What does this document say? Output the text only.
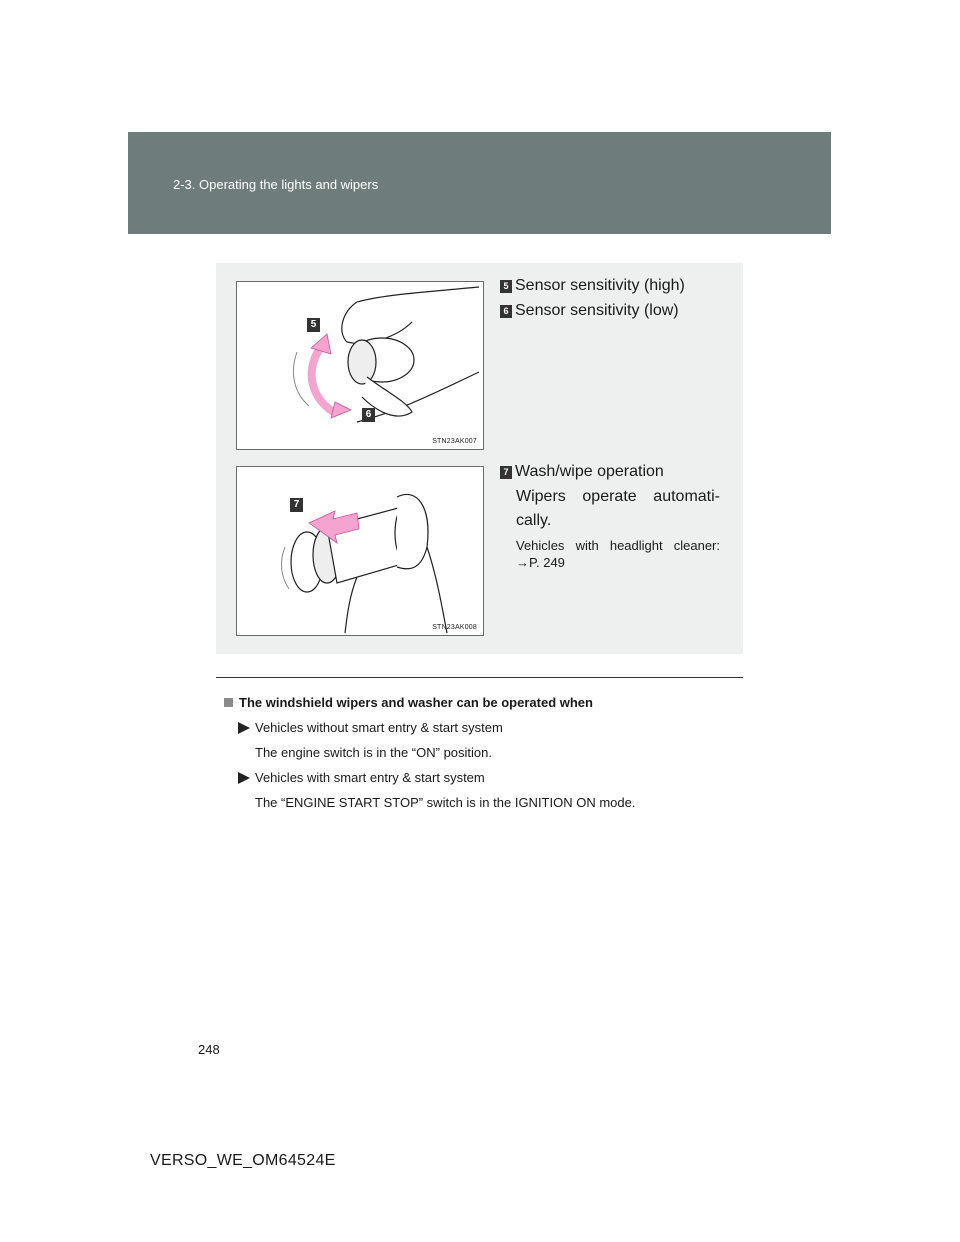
2-3. Operating the lights and wipers
5
6
STN23AK007
7
STN23AK008
5 Sensor sensitivity (high)
6 Sensor sensitivity (low)
7 Wash/wipe operation
Wipers operate automati-
cally.
Vehicles with headlight cleaner: →P. 249
The windshield wipers and washer can be operated when
Vehicles without smart entry & start system
The engine switch is in the “ON” position.
Vehicles with smart entry & start system
The “ENGINE START STOP” switch is in the IGNITION ON mode.
248
VERSO_WE_OM64524E
